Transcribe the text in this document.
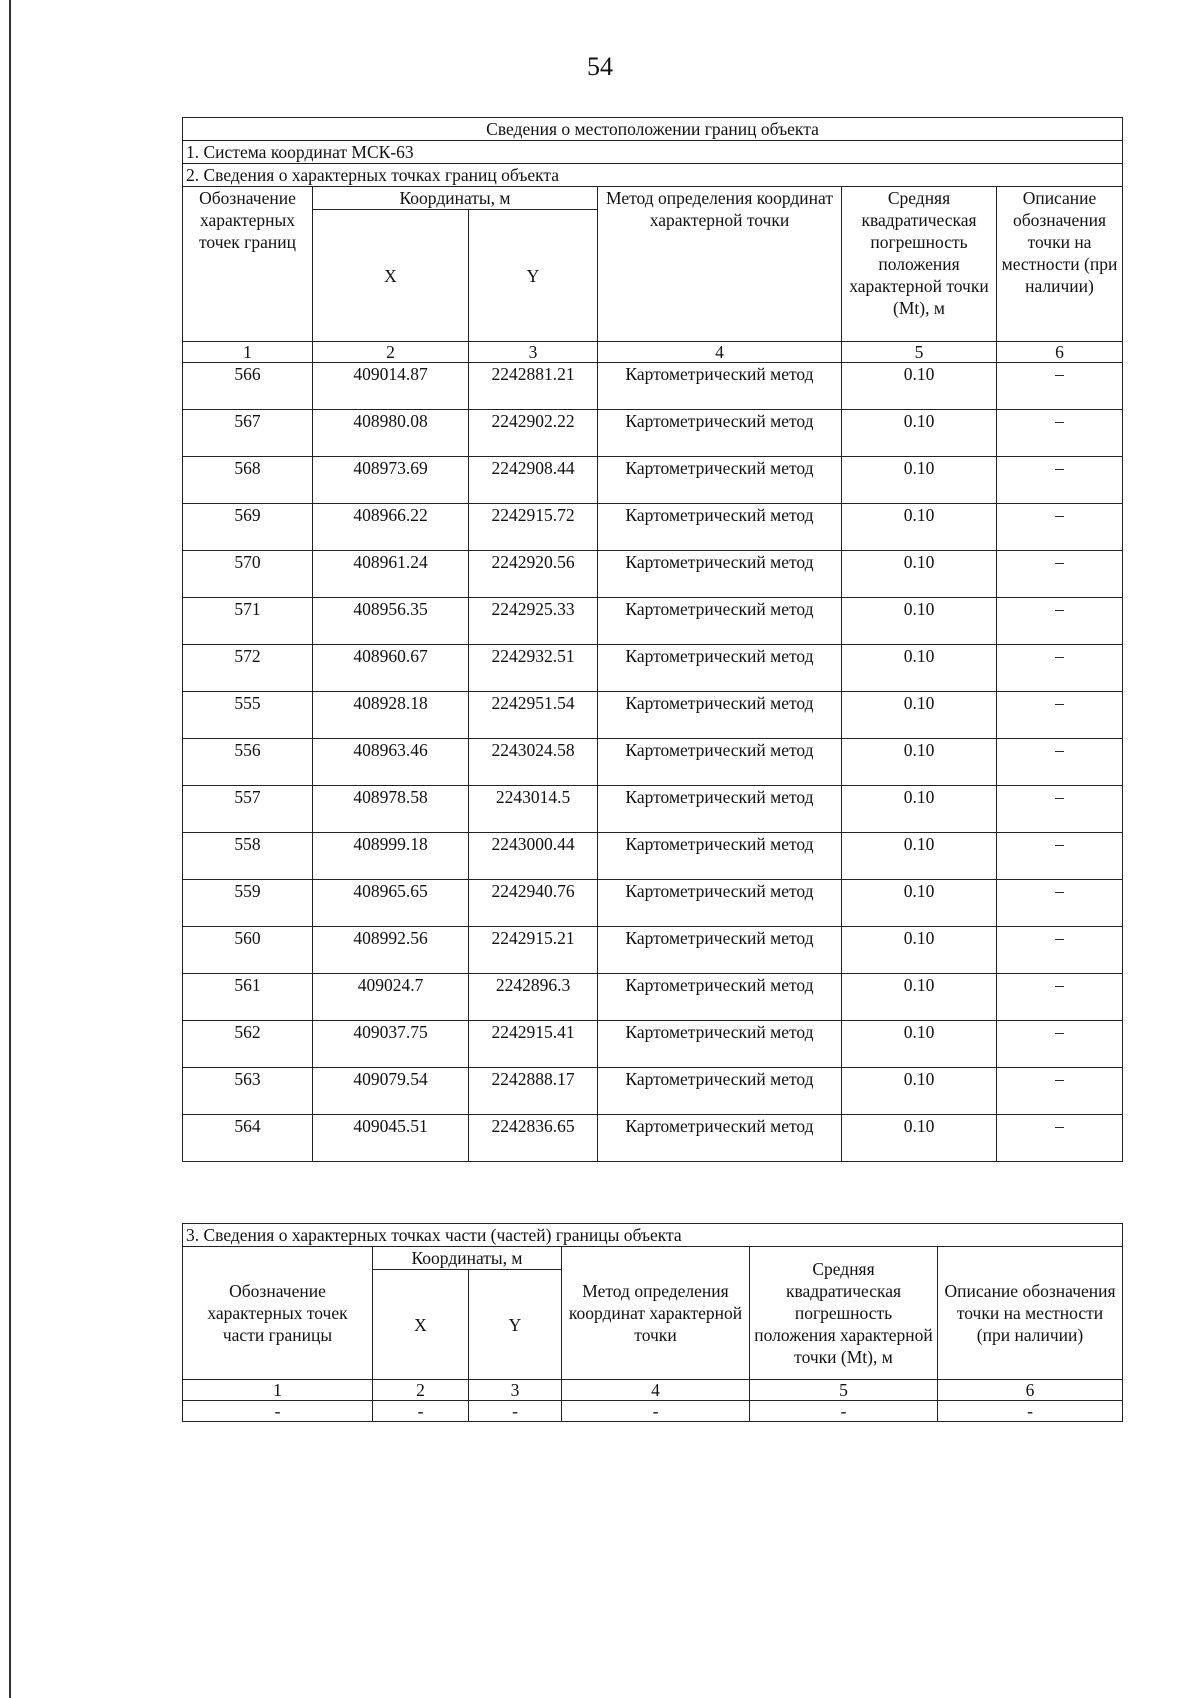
54
Сведения о местоположении границ объекта					
1. Система координат МСК-63					
2. Сведения о характерных точках границ объекта					
Обозначение характерных точек границ	Координаты, м		Метод определения координат характерной точки	Средняя квадратическая погрешность положения характерной точки (Mt), м	Описание обозначения точки на местности (при наличии)
	X	Y			
1	2	3	4	5	6
566	409014.87	2242881.21	Картометрический метод	0.10	–
567	408980.08	2242902.22	Картометрический метод	0.10	–
568	408973.69	2242908.44	Картометрический метод	0.10	–
569	408966.22	2242915.72	Картометрический метод	0.10	–
570	408961.24	2242920.56	Картометрический метод	0.10	–
571	408956.35	2242925.33	Картометрический метод	0.10	–
572	408960.67	2242932.51	Картометрический метод	0.10	–
555	408928.18	2242951.54	Картометрический метод	0.10	–
556	408963.46	2243024.58	Картометрический метод	0.10	–
557	408978.58	2243014.5	Картометрический метод	0.10	–
558	408999.18	2243000.44	Картометрический метод	0.10	–
559	408965.65	2242940.76	Картометрический метод	0.10	–
560	408992.56	2242915.21	Картометрический метод	0.10	–
561	409024.7	2242896.3	Картометрический метод	0.10	–
562	409037.75	2242915.41	Картометрический метод	0.10	–
563	409079.54	2242888.17	Картометрический метод	0.10	–
564	409045.51	2242836.65	Картометрический метод	0.10	–
3. Сведения о характерных точках части (частей) границы объекта					
Обозначение характерных точек части границы	Координаты, м		Метод определения координат характерной точки	Средняя квадратическая погрешность положения характерной точки (Mt), м	Описание обозначения точки на местности (при наличии)
	X	Y			
1	2	3	4	5	6
-	-	-	-	-	-
